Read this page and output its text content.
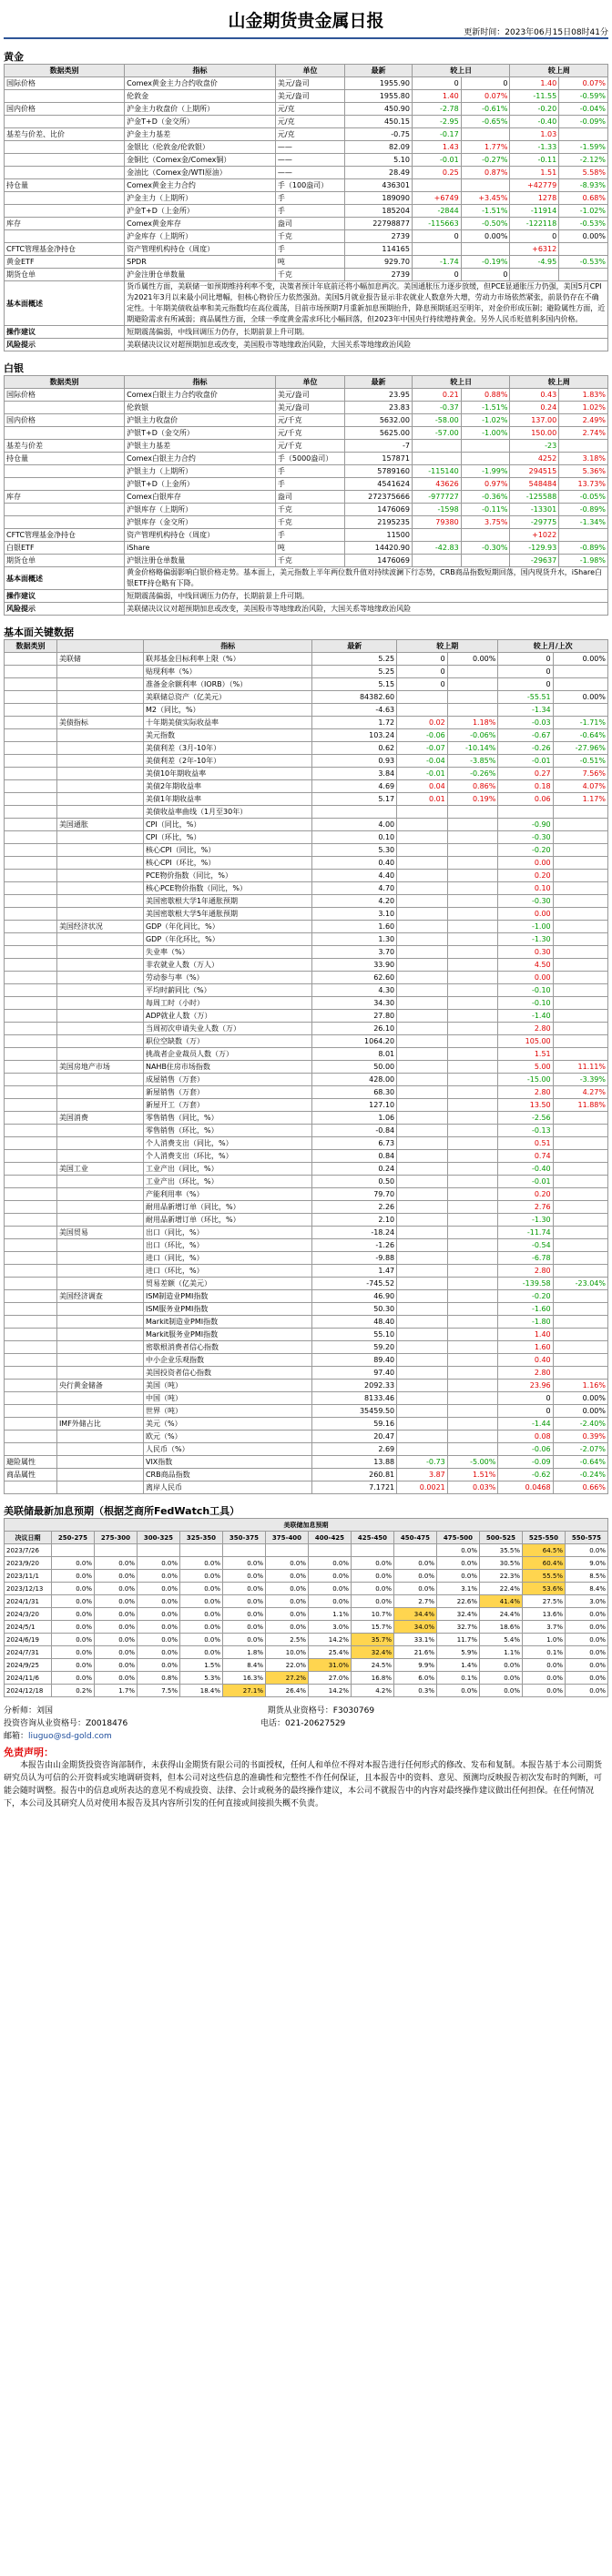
山金期货贵金属日报
更新时间：2023年06月15日08时41分
黄金
数据类别	指标	单位	最新	较上日		较上周	
国际价格	Comex黄金主力合约收盘价	美元/盎司	1955.90	0	0	1.40	0.07%
	伦敦金	美元/盎司	1955.80	1.40	0.07%	-11.55	-0.59%
国内价格	沪金主力收盘价（上期所）	元/克	450.90	-2.78	-0.61%	-0.20	-0.04%
	沪金T+D（金交所）	元/克	450.15	-2.95	-0.65%	-0.40	-0.09%
基差与价差、比价	沪金主力基差	元/克	-0.75	-0.17		1.03	
	金银比（伦敦金/伦敦银）	——	82.09	1.43	1.77%	-1.33	-1.59%
	金铜比（Comex金/Comex铜）	——	5.10	-0.01	-0.27%	-0.11	-2.12%
	金油比（Comex金/WTI原油）	——	28.49	0.25	0.87%	1.51	5.58%
持仓量	Comex黄金主力合约	手（100盎司）	436301			+42779	-8.93%
	沪金主力（上期所）	手	189090	+6749	+3.45%	1278	0.68%
	沪金T+D（上金所）	手	185204	-2844	-1.51%	-11914	-1.02%
库存	Comex黄金库存	盎司	22798877	-115663	-0.50%	-122118	-0.53%
	沪金库存（上期所）	千克	2739	0	0.00%	0	0.00%
CFTC管理基金净持仓	资产管理机构持仓（周度）	手	114165			+6312	
黄金ETF	SPDR	吨	929.70	-1.74	-0.19%	-4.95	-0.53%
期货仓单	沪金注册仓单数量	千克	2739	0	0		
基本面概述	货币属性方面，美联储一如预期维持利率不变，决策者预计年底前还将小幅加息两次。美国通胀压力逐步放缓，但PCE显通胀压力仍强，美国5月CPI为2021年3月以来最小同比增幅，但核心物价压力依然强劲。美国5月就业报告显示非农就业人数意外大增，劳动力市场依然紧张，前景仍存在不确定性。十年期美债收益率和美元指数均在高位震荡，目前市场预期7月重新加息预期抬升，降息预期延迟至明年，对金价形成压制；避险属性方面，近期避险需求有所减弱；商品属性方面，全球一季度黄金需求环比小幅回落，但2023年中国央行持续增持黄金。另外人民币贬值利多国内价格。						
操作建议	短期震荡偏弱，中线回调压力仍存，长期前景上升可期。						
风险提示	美联储决议议对超预期加息或改变，美国股市等地缘政治风险，大国关系等地缘政治风险						
白银
数据类别	指标	单位	最新	较上日		较上周	
国际价格	Comex白银主力合约收盘价	美元/盎司	23.95	0.21	0.88%	0.43	1.83%
	伦敦银	美元/盎司	23.83	-0.37	-1.51%	0.24	1.02%
国内价格	沪银主力收盘价	元/千克	5632.00	-58.00	-1.02%	137.00	2.49%
	沪银T+D（金交所）	元/千克	5625.00	-57.00	-1.00%	150.00	2.74%
基差与价差	沪银主力基差	元/千克	-7			-23	
持仓量	Comex白银主力合约	手（5000盎司）	157871			4252	3.18%
	沪银主力（上期所）	手	5789160	-115140	-1.99%	294515	5.36%
	沪银T+D（上金所）	手	4541624	43626	0.97%	548484	13.73%
库存	Comex白银库存	盎司	272375666	-977727	-0.36%	-125588	-0.05%
	沪银库存（上期所）	千克	1476069	-1598	-0.11%	-13301	-0.89%
	沪银库存（金交所）	千克	2195235	79380	3.75%	-29775	-1.34%
CFTC管理基金净持仓	资产管理机构持仓（周度）	手	11500			+1022	
白银ETF	iShare	吨	14420.90	-42.83	-0.30%	-129.93	-0.89%
期货仓单	沪银注册仓单数量	千克	1476069			-29637	-1.98%
基本面概述	黄金价格略偏弱影响白银价格走势。基本面上，美元指数上半年两位数升值对持续波澜下行态势，CRB商品指数短期回落，国内现货升水，iShare白银ETF持仓略有下降。						
操作建议	短期震荡偏弱，中线回调压力仍存，长期前景上升可期。						
风险提示	美联储决议议对超预期加息或改变，美国股市等地缘政治风险，大国关系等地缘政治风险						
基本面关键数据
数据类别		指标	最新	较上期		较上月/上次	
	美联储	联邦基金目标利率上限（%）	5.25	0	0.00%	0	0.00%
		贴现利率（%）	5.25	0		0	
		准备金余额利率（IORB）（%）	5.15	0		0	
		美联储总资产（亿美元）	84382.60			-55.51	0.00%
		M2（同比，%）	-4.63			-1.34	
	美债指标	十年期美债实际收益率	1.72	0.02	1.18%	-0.03	-1.71%
		美元指数	103.24	-0.06	-0.06%	-0.67	-0.64%
		美债利差（3月-10年）	0.62	-0.07	-10.14%	-0.26	-27.96%
		美债利差（2年-10年）	0.93	-0.04	-3.85%	-0.01	-0.51%
		美债10年期收益率	3.84	-0.01	-0.26%	0.27	7.56%
		美债2年期收益率	4.69	0.04	0.86%	0.18	4.07%
		美债1年期收益率	5.17	0.01	0.19%	0.06	1.17%
		美债收益率曲线（1月至30年）					
	美国通胀	CPI（同比，%）	4.00			-0.90	
		CPI（环比，%）	0.10			-0.30	
		核心CPI（同比，%）	5.30			-0.20	
		核心CPI（环比，%）	0.40			0.00	
		PCE物价指数（同比，%）	4.40			0.20	
		核心PCE物价指数（同比，%）	4.70			0.10	
		美国密歇根大学1年通胀预期	4.20			-0.30	
		美国密歇根大学5年通胀预期	3.10			0.00	
	美国经济状况	GDP（年化同比，%）	1.60			-1.00	
		GDP（年化环比，%）	1.30			-1.30	
		失业率（%）	3.70			0.30	
		非农就业人数（万人）	33.90			4.50	
		劳动参与率（%）	62.60			0.00	
		平均时薪同比（%）	4.30			-0.10	
		每周工时（小时）	34.30			-0.10	
		ADP就业人数（万）	27.80			-1.40	
		当周初次申请失业人数（万）	26.10			2.80	
		职位空缺数（万）	1064.20			105.00	
		挑战者企业裁员人数（万）	8.01			1.51	
	美国房地产市场	NAHB住房市场指数	50.00			5.00	11.11%
		成屋销售（万套）	428.00			-15.00	-3.39%
		新屋销售（万套）	68.30			2.80	4.27%
		新屋开工（万套）	127.10			13.50	11.88%
	美国消费	零售销售（同比，%）	1.06			-2.56	
		零售销售（环比，%）	-0.84			-0.13	
		个人消费支出（同比，%）	6.73			0.51	
		个人消费支出（环比，%）	0.84			0.74	
	美国工业	工业产出（同比，%）	0.24			-0.40	
		工业产出（环比，%）	0.50			-0.01	
		产能利用率（%）	79.70			0.20	
		耐用品新增订单（同比，%）	2.26			2.76	
		耐用品新增订单（环比，%）	2.10			-1.30	
	美国贸易	出口（同比，%）	-18.24			-11.74	
		出口（环比，%）	-1.26			-0.54	
		进口（同比，%）	-9.88			-6.78	
		进口（环比，%）	1.47			2.80	
		贸易差额（亿美元）	-745.52			-139.58	-23.04%
	美国经济调查	ISM制造业PMI指数	46.90			-0.20	
		ISM服务业PMI指数	50.30			-1.60	
		Markit制造业PMI指数	48.40			-1.80	
		Markit服务业PMI指数	55.10			1.40	
		密歇根消费者信心指数	59.20			1.60	
		中小企业乐观指数	89.40			0.40	
		美国投资者信心指数	97.40			2.80	
	央行黄金储备	美国（吨）	2092.33			23.96	1.16%
		中国（吨）	8133.46			0	0.00%
		世界（吨）	35459.50			0	0.00%
	IMF外储占比	美元（%）	59.16			-1.44	-2.40%
		欧元（%）	20.47			0.08	0.39%
		人民币（%）	2.69			-0.06	-2.07%
避险属性		VIX指数	13.88	-0.73	-5.00%	-0.09	-0.64%
商品属性		CRB商品指数	260.81	3.87	1.51%	-0.62	-0.24%
		离岸人民币	7.1721	0.0021	0.03%	0.0468	0.66%
美联储最新加息预期（根据芝商所FedWatch工具）
美联储加息预期													
决议日期	250-275	275-300	300-325	325-350	350-375	375-400	400-425	425-450	450-475	475-500	500-525	525-550	550-575
2023/7/26										0.0%	35.5%	64.5%	0.0%
2023/9/20	0.0%	0.0%	0.0%	0.0%	0.0%	0.0%	0.0%	0.0%	0.0%	0.0%	30.5%	60.4%	9.0%
2023/11/1	0.0%	0.0%	0.0%	0.0%	0.0%	0.0%	0.0%	0.0%	0.0%	0.0%	22.3%	55.5%	8.5%
2023/12/13	0.0%	0.0%	0.0%	0.0%	0.0%	0.0%	0.0%	0.0%	0.0%	3.1%	22.4%	53.6%	8.4%
2024/1/31	0.0%	0.0%	0.0%	0.0%	0.0%	0.0%	0.0%	0.0%	2.7%	22.6%	41.4%	27.5%	3.0%
2024/3/20	0.0%	0.0%	0.0%	0.0%	0.0%	0.0%	1.1%	10.7%	34.4%	32.4%	24.4%	13.6%	0.0%
2024/5/1	0.0%	0.0%	0.0%	0.0%	0.0%	0.0%	3.0%	15.7%	34.0%	32.7%	18.6%	3.7%	0.0%
2024/6/19	0.0%	0.0%	0.0%	0.0%	0.0%	2.5%	14.2%	35.7%	33.1%	11.7%	5.4%	1.0%	0.0%
2024/7/31	0.0%	0.0%	0.0%	0.0%	1.8%	10.0%	25.4%	32.4%	21.6%	5.9%	1.1%	0.1%	0.0%
2024/9/25	0.0%	0.0%	0.0%	1.5%	8.4%	22.0%	31.0%	24.5%	9.9%	1.4%	0.0%	0.0%	0.0%
2024/11/6	0.0%	0.0%	0.8%	5.3%	16.3%	27.2%	27.0%	16.8%	6.0%	0.1%	0.0%	0.0%	0.0%
2024/12/18	0.2%	1.7%	7.5%	18.4%	27.1%	26.4%	14.2%	4.2%	0.3%	0.0%	0.0%	0.0%	0.0%
分析师：刘国	期货从业资格号：F3030769
投资咨询从业资格号：Z0018476	电话：021-20627529
邮箱：liuguo@sd-gold.com
免责声明：
本报告由山金期货投资咨询部制作，未获得山金期货有限公司的书面授权，任何人和单位不得对本报告进行任何形式的修改、发布和复制。本报告基于本公司期货研究员认为可信的公开资料或实地调研资料，但本公司对这些信息的准确性和完整性不作任何保证，且本报告中的资料、意见、预测均反映报告初次发布时的判断，可能会随时调整。报告中的信息或所表达的意见不构成投资、法律、会计或税务的最终操作建议，本公司不就报告中的内容对最终操作建议做出任何担保。在任何情况下，本公司及其研究人员对使用本报告及其内容所引发的任何直接或间接损失概不负责。
